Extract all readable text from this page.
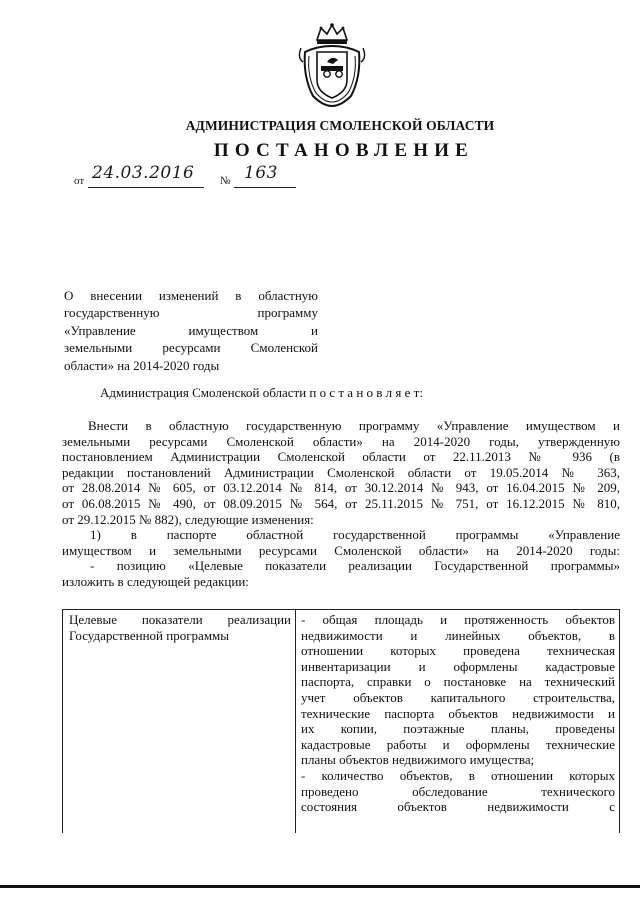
АДМИНИСТРАЦИЯ СМОЛЕНСКОЙ ОБЛАСТИ
ПОСТАНОВЛЕНИЕ
от 24.03.2016 № 163
О внесении изменений в областную
государственную программу
«Управление имуществом и
земельными ресурсами Смоленской
области» на 2014-2020 годы
Администрация Смоленской области п о с т а н о в л я е т:
Внести в областную государственную программу «Управление имуществом и
земельными ресурсами Смоленской области» на 2014-2020 годы, утвержденную
постановлением Администрации Смоленской области от 22.11.2013 № 936 (в
редакции постановлений Администрации Смоленской области от 19.05.2014 № 363,
от 28.08.2014 № 605, от 03.12.2014 № 814, от 30.12.2014 № 943, от 16.04.2015 № 209,
от 06.08.2015 № 490, от 08.09.2015 № 564, от 25.11.2015 № 751, от 16.12.2015 № 810,
от 29.12.2015 № 882), следующие изменения:
1) в паспорте областной государственной программы «Управление
имуществом и земельными ресурсами Смоленской области» на 2014-2020 годы:
- позицию «Целевые показатели реализации Государственной программы»
изложить в следующей редакции:
Целевые показатели реализации
Государственной программы
- общая площадь и протяженность объектов
недвижимости и линейных объектов, в
отношении которых проведена техническая
инвентаризации и оформлены кадастровые
паспорта, справки о постановке на технический
учет объектов капитального строительства,
технические паспорта объектов недвижимости и
их копии, поэтажные планы, проведены
кадастровые работы и оформлены технические
планы объектов недвижимого имущества;
- количество объектов, в отношении которых
проведено обследование технического
состояния объектов недвижимости с
